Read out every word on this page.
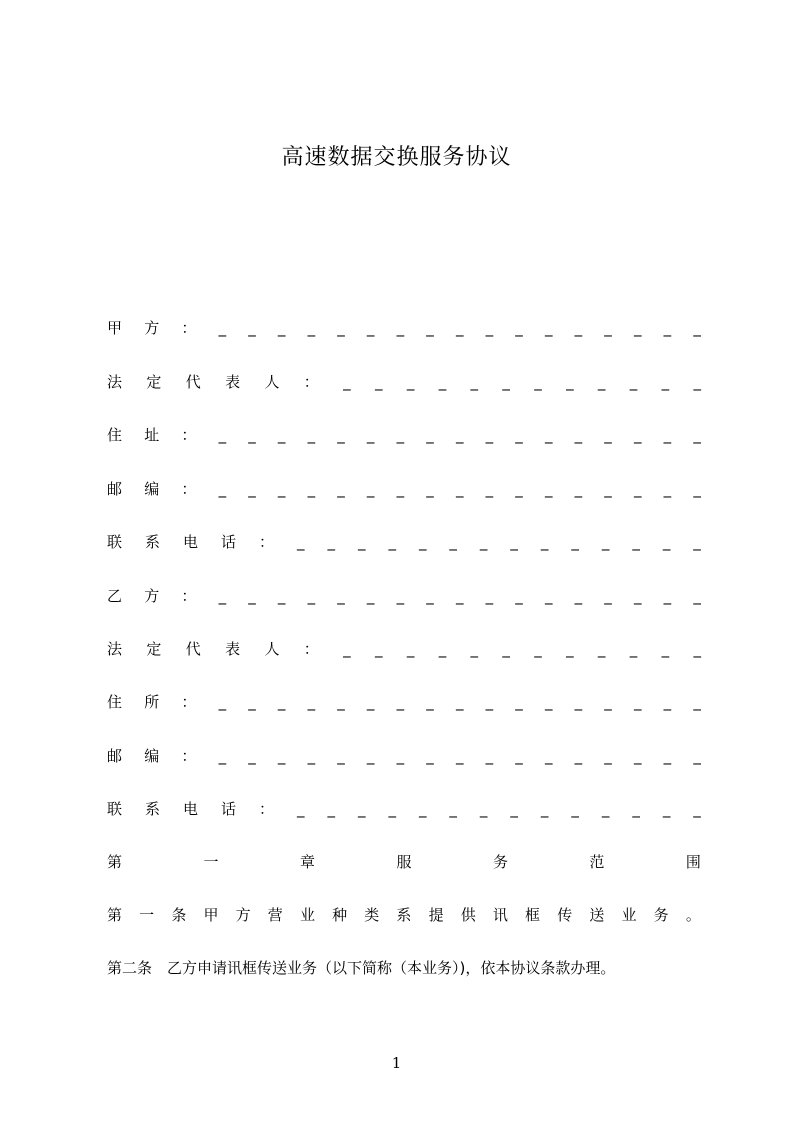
高速数据交换服务协议
甲 方 ： _ _ _ _ _ _ _ _ _ _ _ _ _ _ _ _ _
法 定 代 表 人 ： _ _ _ _ _ _ _ _ _ _ _ _
住 址 ： _ _ _ _ _ _ _ _ _ _ _ _ _ _ _ _ _
邮 编 ： _ _ _ _ _ _ _ _ _ _ _ _ _ _ _ _ _
联 系 电 话 ： _ _ _ _ _ _ _ _ _ _ _ _ _ _
乙 方 ： _ _ _ _ _ _ _ _ _ _ _ _ _ _ _ _ _
法 定 代 表 人 ： _ _ _ _ _ _ _ _ _ _ _ _
住 所 ： _ _ _ _ _ _ _ _ _ _ _ _ _ _ _ _ _
邮 编 ： _ _ _ _ _ _ _ _ _ _ _ _ _ _ _ _ _
联 系 电 话 ： _ _ _ _ _ _ _ _ _ _ _ _ _ _
第	一	章	服	务	范	围
第 一 条 甲 方 营 业 种 类 系 提 供 讯 框 传 送 业 务 。
第二条　乙方申请讯框传送业务（以下简称（本业务）)，依本协议条款办理。
1
